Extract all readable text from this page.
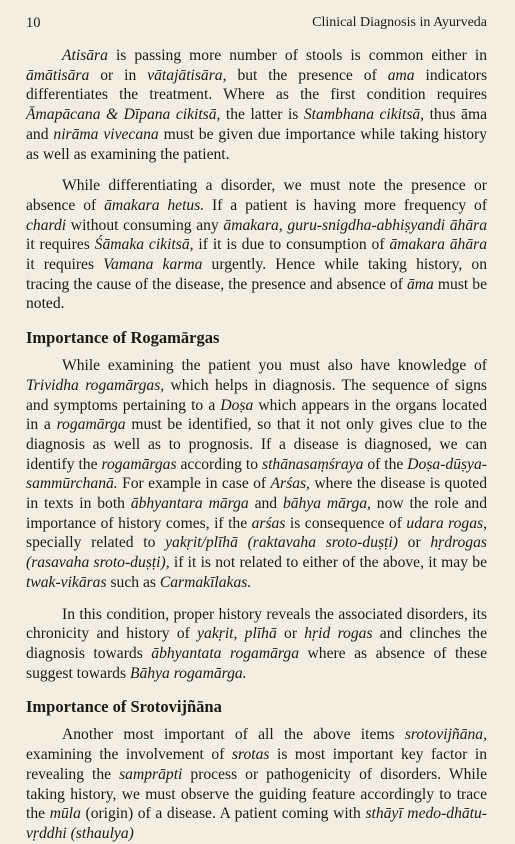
10	Clinical Diagnosis in Ayurveda

Atisāra is passing more number of stools is common either in āmātisāra or in vātajātisāra, but the presence of ama indicators differentiates the treatment. Where as the first condition requires Āmapācana & Dīpana cikitsā, the latter is Stambhana cikitsā, thus āma and nirāma vivecana must be given due importance while taking history as well as examining the patient.

While differentiating a disorder, we must note the presence or absence of āmakara hetus. If a patient is having more frequency of chardi without consuming any āmakara, guru-snigdha-abhiṣyandi āhāra it requires Śāmaka cikitsā, if it is due to consumption of āmakara āhāra it requires Vamana karma urgently. Hence while taking history, on tracing the cause of the disease, the presence and absence of āma must be noted.

Importance of Rogamārgas

While examining the patient you must also have knowledge of Trividha rogamārgas, which helps in diagnosis. The sequence of signs and symptoms pertaining to a Doṣa which appears in the organs located in a rogamārga must be identified, so that it not only gives clue to the diagnosis as well as to prognosis. If a disease is diagnosed, we can identify the rogamārgas according to sthānasaṃśraya of the Doṣa-dūṣya-sammūrchanā. For example in case of Arśas, where the disease is quoted in texts in both ābhyantara mārga and bāhya mārga, now the role and importance of history comes, if the arśas is consequence of udara rogas, specially related to yakṛit/plīhā (raktavaha sroto-duṣṭi) or hṛdrogas (rasavaha sroto-duṣṭi), if it is not related to either of the above, it may be twak-vikāras such as Carmakīlakas.

In this condition, proper history reveals the associated disorders, its chronicity and history of yakṛit, plīhā or hṛid rogas and clinches the diagnosis towards ābhyantata rogamārga where as absence of these suggest towards Bāhya rogamārga.

Importance of Srotovijñāna

Another most important of all the above items srotovijñāna, examining the involvement of srotas is most important key factor in revealing the samprāpti process or pathogenicity of disorders. While taking history, we must observe the guiding feature accordingly to trace the mūla (origin) of a disease. A patient coming with sthāyī medo-dhātu-vṛddhi (sthaulya)
